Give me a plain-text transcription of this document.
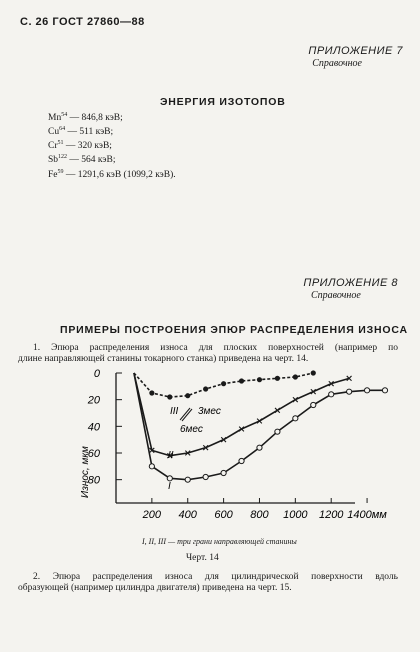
С. 26 ГОСТ 27860—88
ПРИЛОЖЕНИЕ 7
Справочное
ЭНЕРГИЯ ИЗОТОПОВ
Mn$^{54}$ — 846,8 кэВ;
Cu$^{64}$ — 511 кэВ;
Cr$^{51}$ — 320 кэВ;
Sb$^{122}$ — 564 кэВ;
Fe$^{59}$ — 1291,6 кэВ (1099,2 кэВ).
ПРИЛОЖЕНИЕ 8
Справочное
ПРИМЕРЫ ПОСТРОЕНИЯ ЭПЮР РАСПРЕДЕЛЕНИЯ ИЗНОСА
1. Эпюра распределения износа для плоских поверхностей (например по
длине направляющей станины токарного станка) приведена на черт. 14.
Износ, мкм
0
20
40
60
80
200 400 600 800 1000 1200 1400мм
III 3мес
6мес
II
I
I, II, III — три грани направляющей станины
Черт. 14
2. Эпюра распределения износа для цилиндрической поверхности вдоль
образующей (например цилиндра двигателя) приведена на черт. 15.
